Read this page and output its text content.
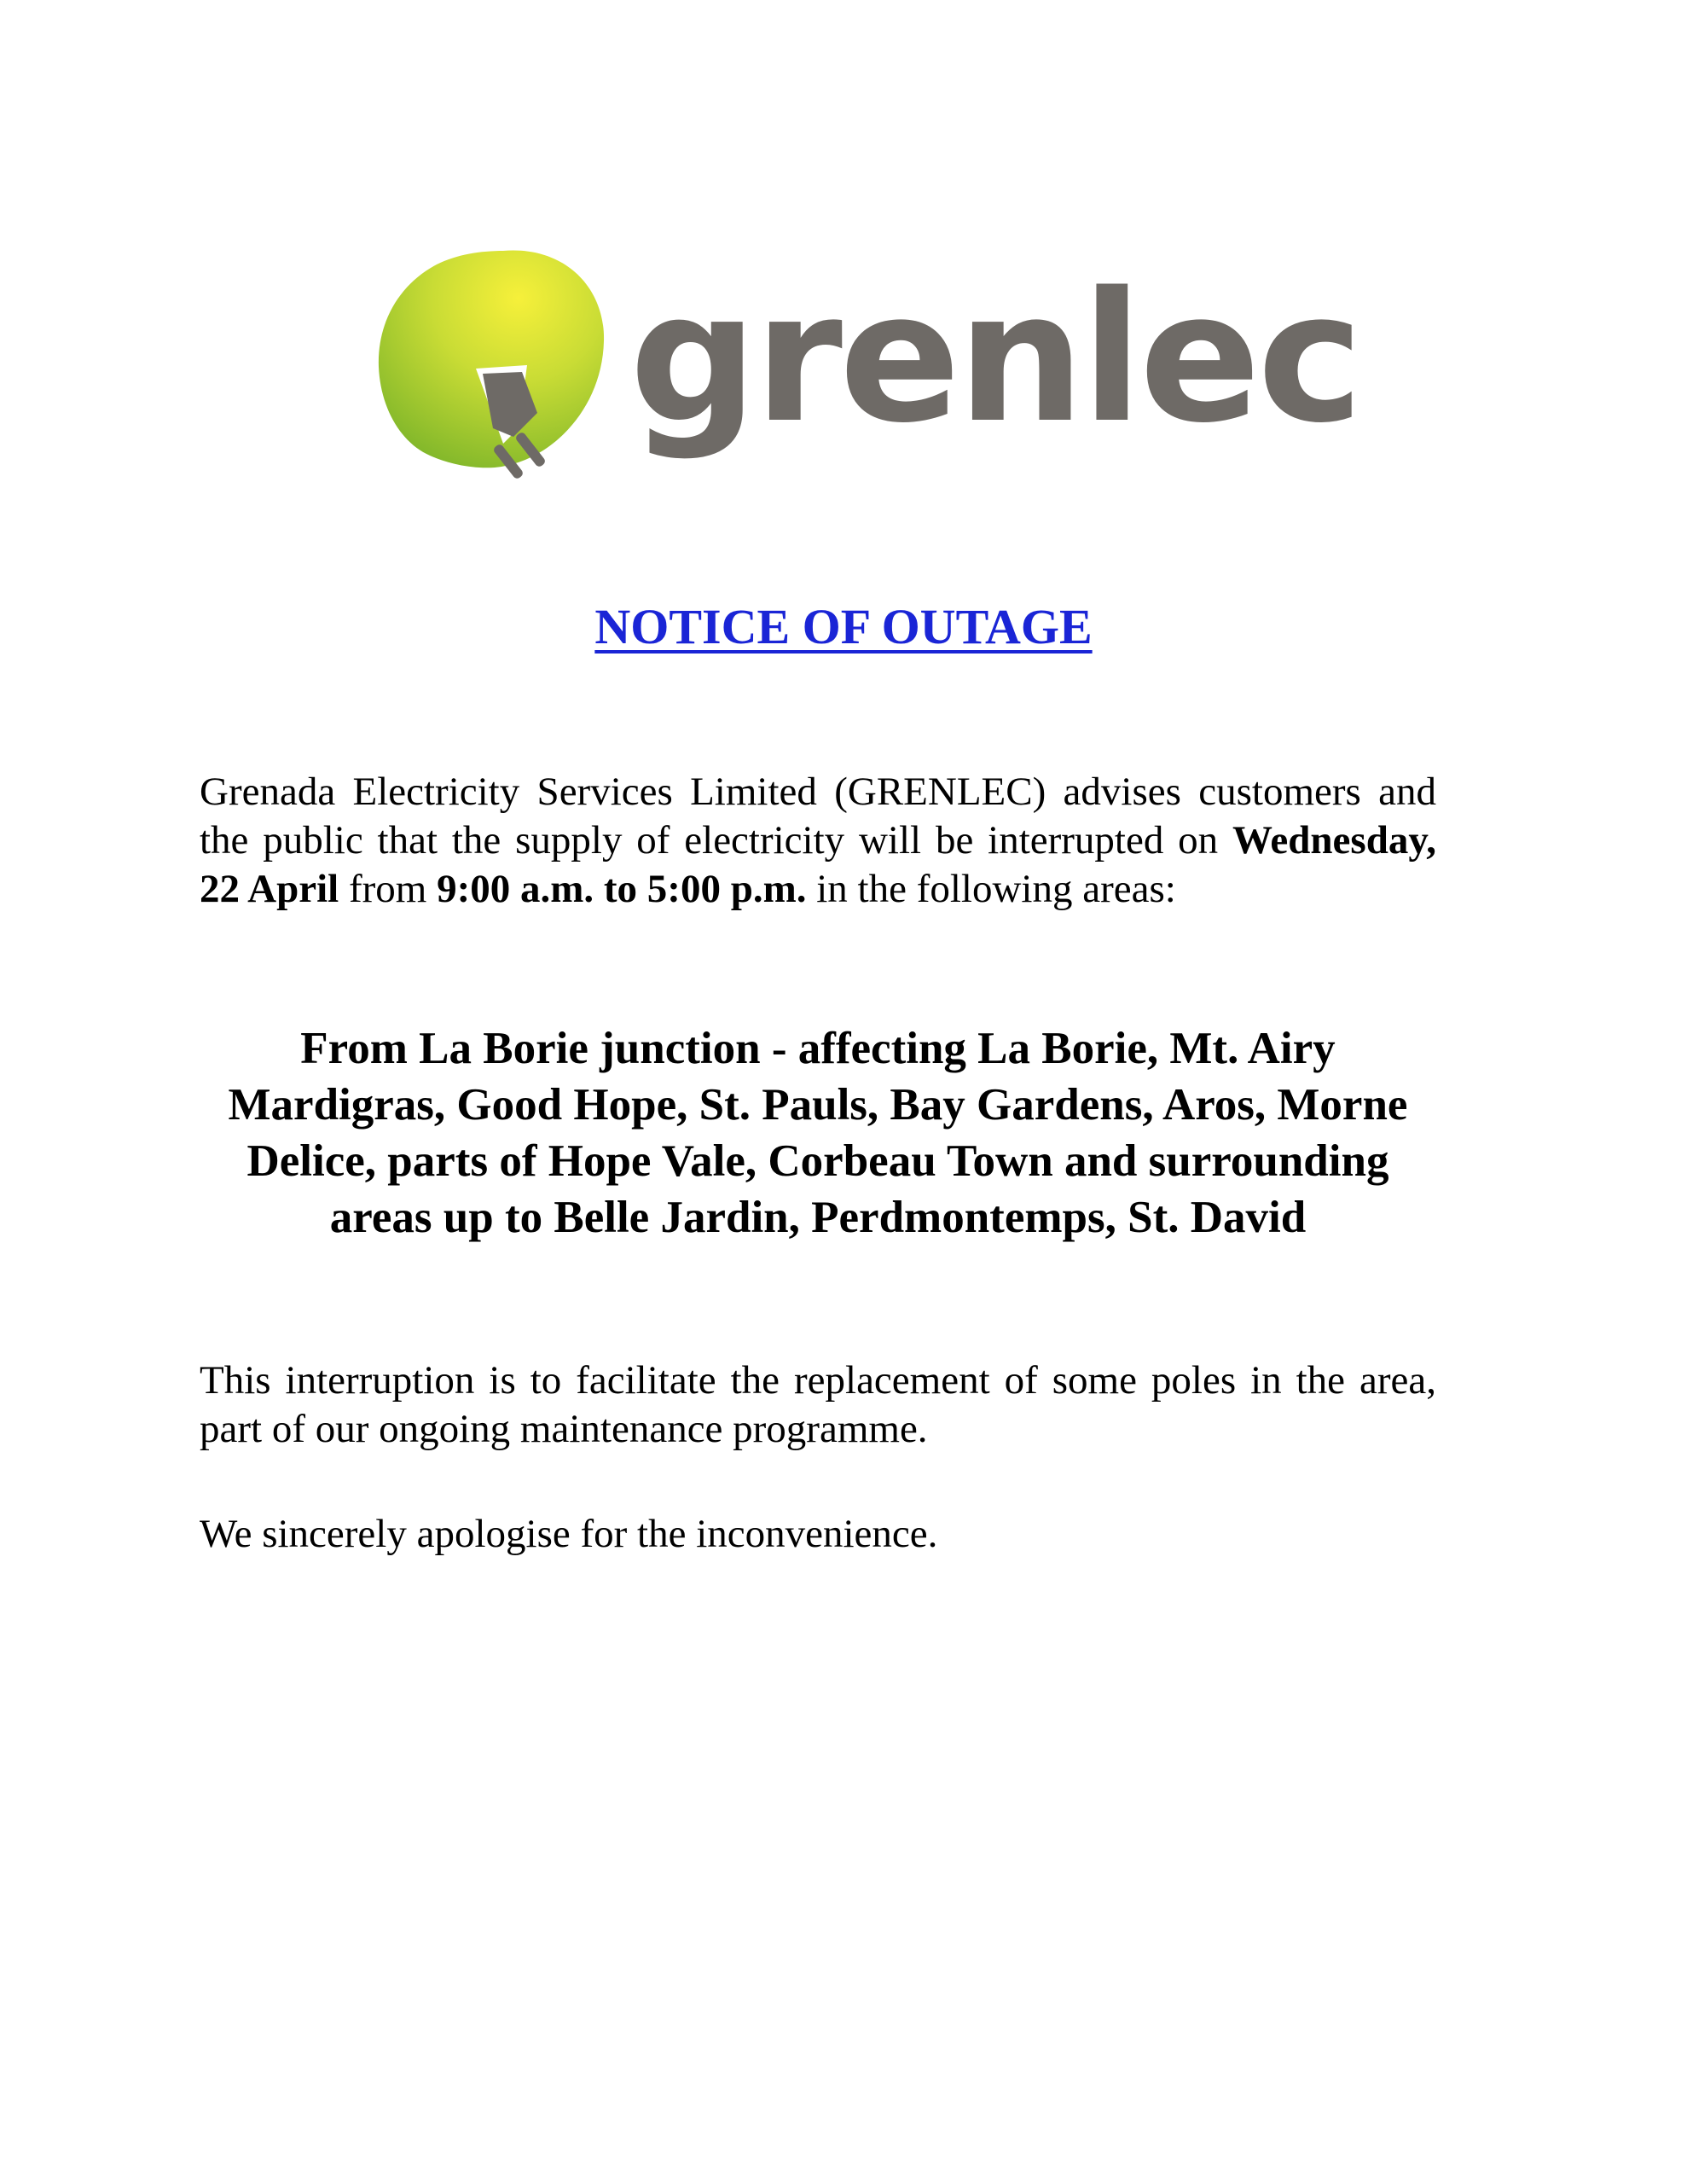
grenlec
NOTICE OF OUTAGE
Grenada Electricity Services Limited (GRENLEC) advises customers and the public that the supply of electricity will be interrupted on Wednesday, 22 April from 9:00 a.m. to 5:00 p.m. in the following areas:
From La Borie junction - affecting La Borie, Mt. Airy Mardigras, Good Hope, St. Pauls, Bay Gardens, Aros, Morne Delice, parts of Hope Vale, Corbeau Town and surrounding areas up to Belle Jardin, Perdmontemps, St. David
This interruption is to facilitate the replacement of some poles in the area, part of our ongoing maintenance programme.
We sincerely apologise for the inconvenience.
